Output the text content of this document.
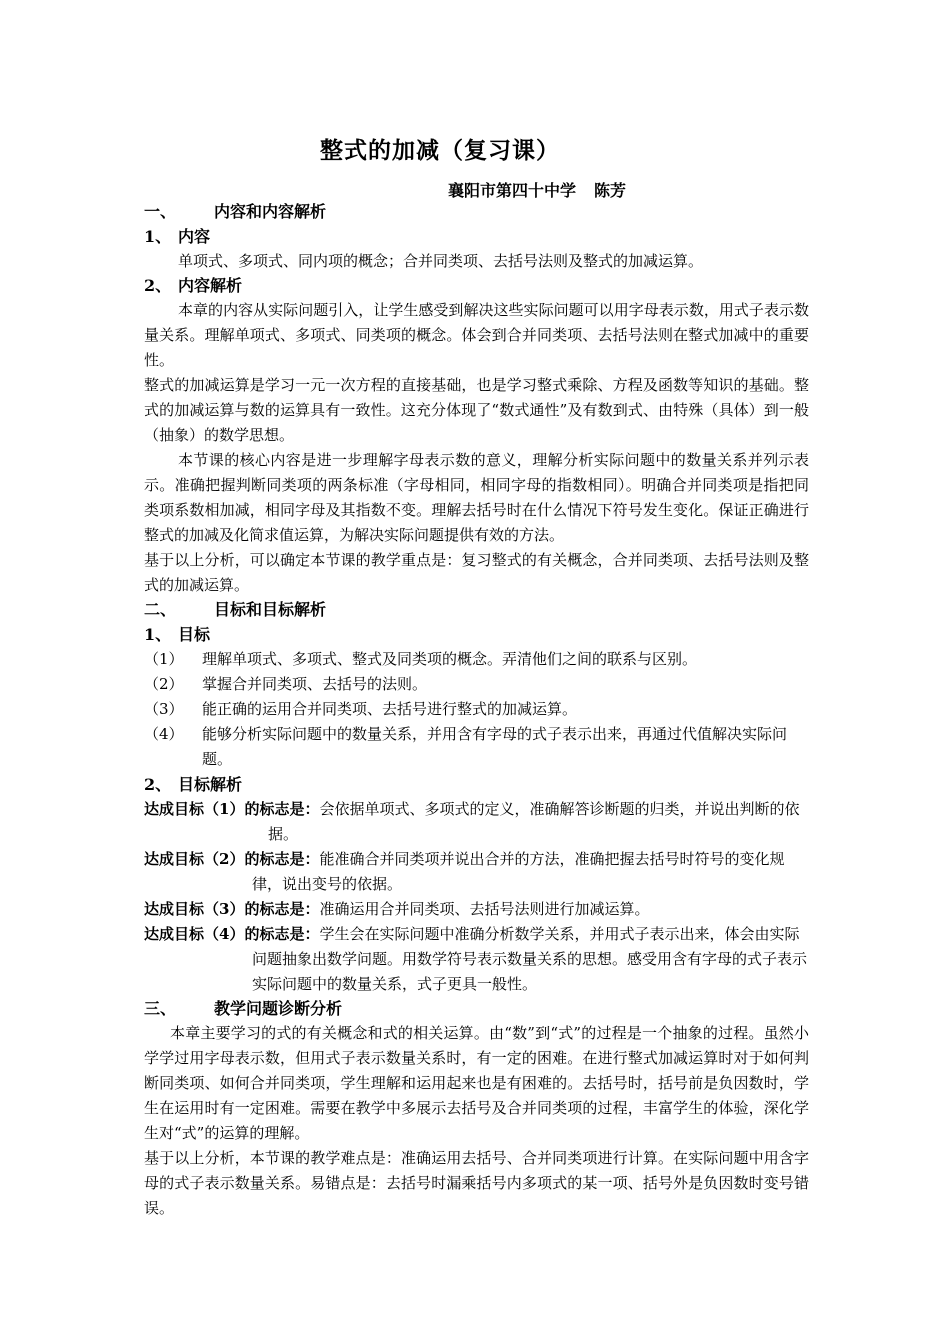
整式的加减（复习课）
襄阳市第四十中学 陈芳
一、 内容和内容解析
1、 内容
单项式、多项式、同内项的概念；合并同类项、去括号法则及整式的加减运算。
2、 内容解析
本章的内容从实际问题引入，让学生感受到解决这些实际问题可以用字母表示数，用式子表示数量关系。理解单项式、多项式、同类项的概念。体会到合并同类项、去括号法则在整式加减中的重要性。
整式的加减运算是学习一元一次方程的直接基础，也是学习整式乘除、方程及函数等知识的基础。整式的加减运算与数的运算具有一致性。这充分体现了“数式通性”及有数到式、由特殊（具体）到一般（抽象）的数学思想。
本节课的核心内容是进一步理解字母表示数的意义，理解分析实际问题中的数量关系并列示表示。准确把握判断同类项的两条标准（字母相同，相同字母的指数相同）。明确合并同类项是指把同类项系数相加减，相同字母及其指数不变。理解去括号时在什么情况下符号发生变化。保证正确进行整式的加减及化简求值运算，为解决实际问题提供有效的方法。
基于以上分析，可以确定本节课的教学重点是：复习整式的有关概念，合并同类项、去括号法则及整式的加减运算。
二、 目标和目标解析
1、 目标
（1） 理解单项式、多项式、整式及同类项的概念。弄清他们之间的联系与区别。
（2） 掌握合并同类项、去括号的法则。
（3） 能正确的运用合并同类项、去括号进行整式的加减运算。
（4） 能够分析实际问题中的数量关系，并用含有字母的式子表示出来，再通过代值解决实际问题。
2、 目标解析
达成目标（1）的标志是：会依据单项式、多项式的定义，准确解答诊断题的归类，并说出判断的依据。
达成目标（2）的标志是：能准确合并同类项并说出合并的方法，准确把握去括号时符号的变化规律，说出变号的依据。
达成目标（3）的标志是：准确运用合并同类项、去括号法则进行加减运算。
达成目标（4）的标志是：学生会在实际问题中准确分析数学关系，并用式子表示出来，体会由实际问题抽象出数学问题。用数学符号表示数量关系的思想。感受用含有字母的式子表示实际问题中的数量关系，式子更具一般性。
三、 教学问题诊断分析
本章主要学习的式的有关概念和式的相关运算。由“数”到“式”的过程是一个抽象的过程。虽然小学学过用字母表示数，但用式子表示数量关系时，有一定的困难。在进行整式加减运算时对于如何判断同类项、如何合并同类项，学生理解和运用起来也是有困难的。去括号时，括号前是负因数时，学生在运用时有一定困难。需要在教学中多展示去括号及合并同类项的过程，丰富学生的体验，深化学生对“式”的运算的理解。
基于以上分析，本节课的教学难点是：准确运用去括号、合并同类项进行计算。在实际问题中用含字母的式子表示数量关系。易错点是：去括号时漏乘括号内多项式的某一项、括号外是负因数时变号错误。
